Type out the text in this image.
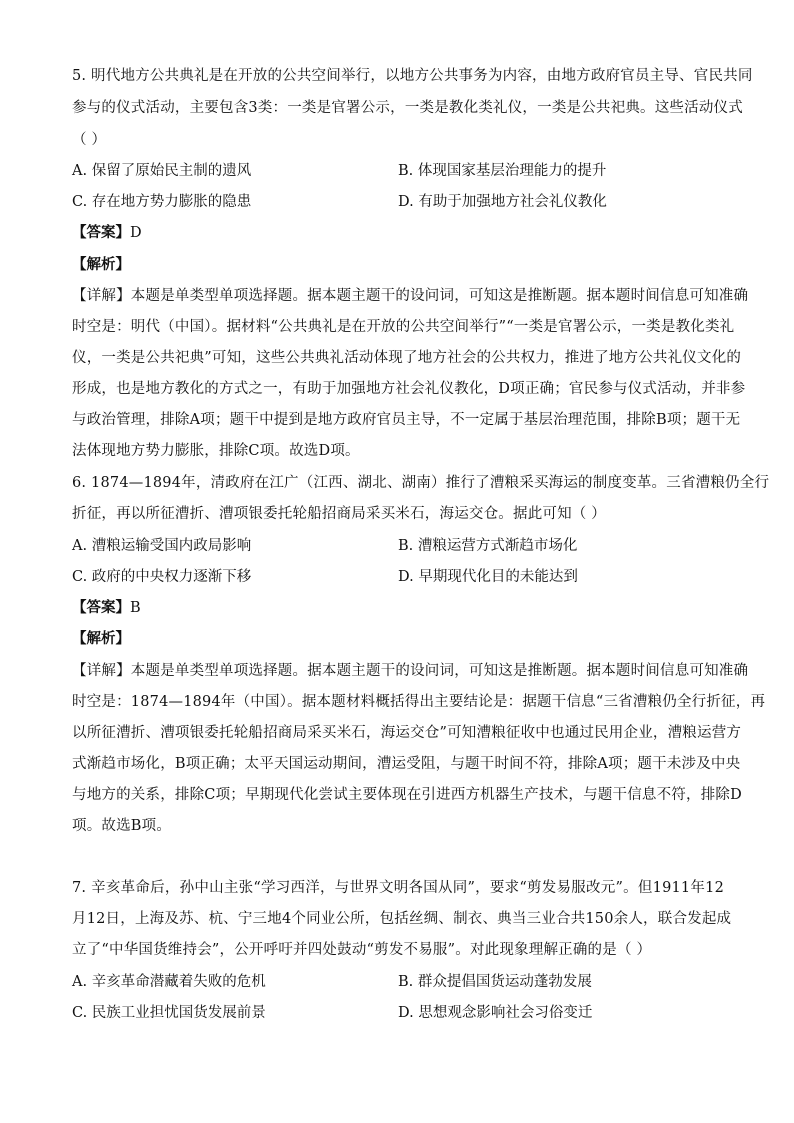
5. 明代地方公共典礼是在开放的公共空间举行，以地方公共事务为内容，由地方政府官员主导、官民共同
参与的仪式活动，主要包含3类：一类是官署公示，一类是教化类礼仪，一类是公共祀典。这些活动仪式
（ ）
A. 保留了原始民主制的遗风	B. 体现国家基层治理能力的提升
C. 存在地方势力膨胀的隐患	D. 有助于加强地方社会礼仪教化
【答案】D
【解析】
【详解】本题是单类型单项选择题。据本题主题干的设问词，可知这是推断题。据本题时间信息可知准确
时空是：明代（中国）。据材料“公共典礼是在开放的公共空间举行”“一类是官署公示，一类是教化类礼
仪，一类是公共祀典”可知，这些公共典礼活动体现了地方社会的公共权力，推进了地方公共礼仪文化的
形成，也是地方教化的方式之一，有助于加强地方社会礼仪教化，D项正确；官民参与仪式活动，并非参
与政治管理，排除A项；题干中提到是地方政府官员主导，不一定属于基层治理范围，排除B项；题干无
法体现地方势力膨胀，排除C项。故选D项。
6. 1874—1894年，清政府在江广（江西、湖北、湖南）推行了漕粮采买海运的制度变革。三省漕粮仍全行
折征，再以所征漕折、漕项银委托轮船招商局采买米石，海运交仓。据此可知（ ）
A. 漕粮运输受国内政局影响	B. 漕粮运营方式渐趋市场化
C. 政府的中央权力逐渐下移	D. 早期现代化目的未能达到
【答案】B
【解析】
【详解】本题是单类型单项选择题。据本题主题干的设问词，可知这是推断题。据本题时间信息可知准确
时空是：1874—1894年（中国）。据本题材料概括得出主要结论是：据题干信息“三省漕粮仍全行折征，再
以所征漕折、漕项银委托轮船招商局采买米石，海运交仓”可知漕粮征收中也通过民用企业，漕粮运营方
式渐趋市场化，B项正确；太平天国运动期间，漕运受阻，与题干时间不符，排除A项；题干未涉及中央
与地方的关系，排除C项；早期现代化尝试主要体现在引进西方机器生产技术，与题干信息不符，排除D
项。故选B项。
7. 辛亥革命后，孙中山主张“学习西洋，与世界文明各国从同”，要求“剪发易服改元”。但1911年12
月12日，上海及苏、杭、宁三地4个同业公所，包括丝绸、制衣、典当三业合共150余人，联合发起成
立了“中华国货维持会”，公开呼吁并四处鼓动“剪发不易服”。对此现象理解正确的是（ ）
A. 辛亥革命潜藏着失败的危机	B. 群众提倡国货运动蓬勃发展
C. 民族工业担忧国货发展前景	D. 思想观念影响社会习俗变迁
